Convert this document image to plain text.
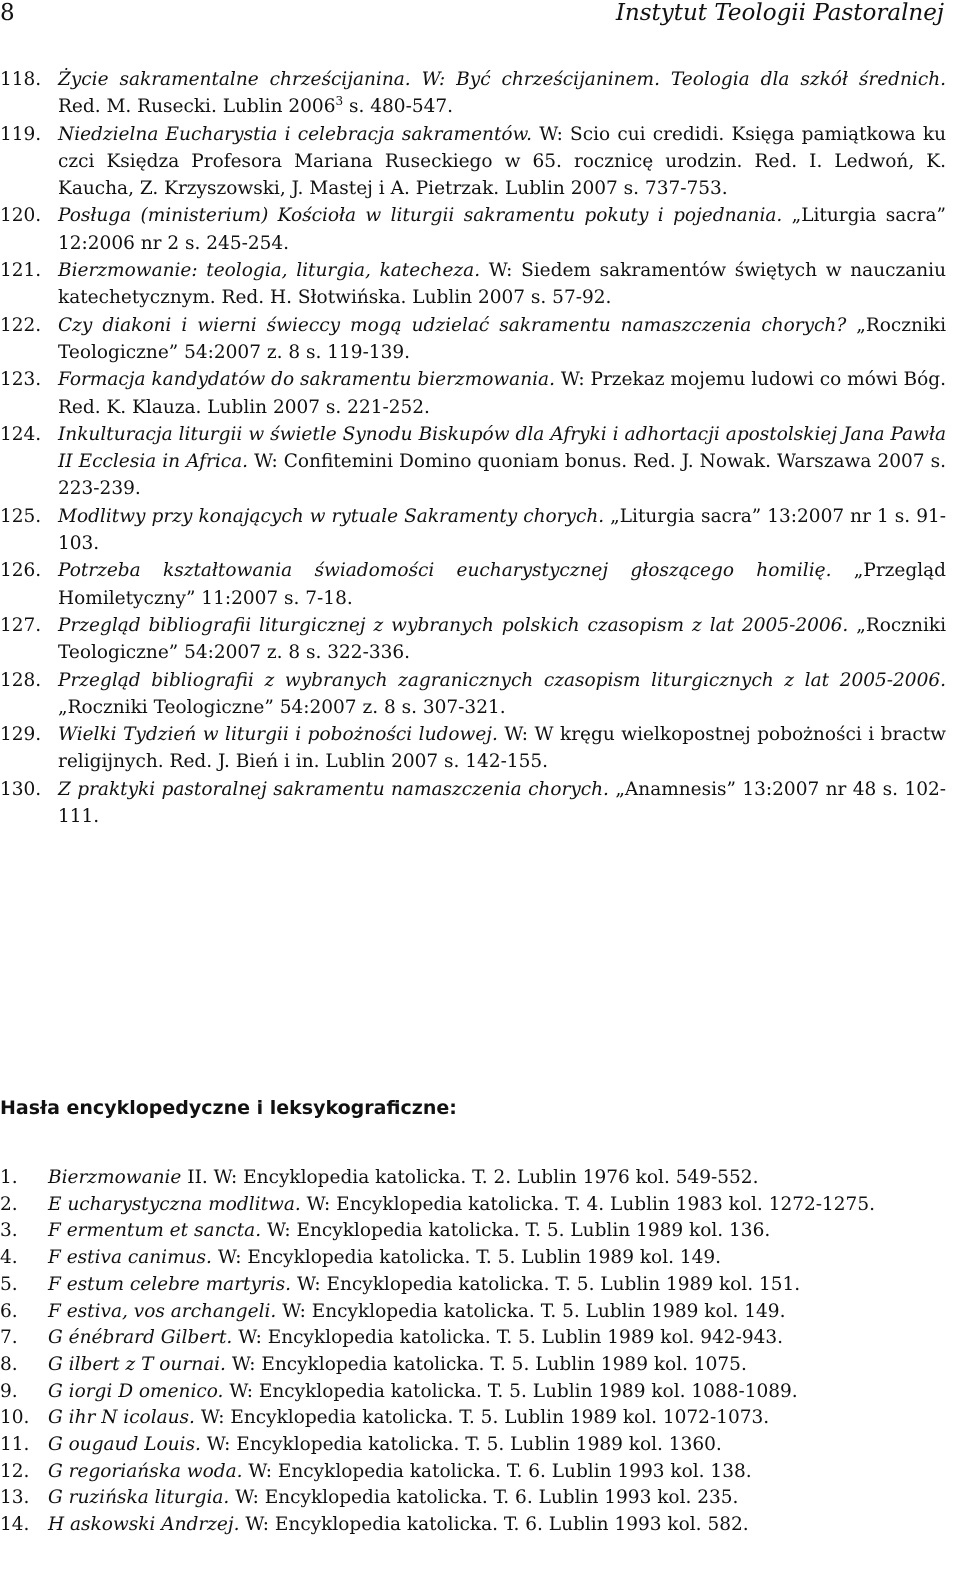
8	Instytut Teologii Pastoralnej
118. Życie sakramentalne chrześcijanina. W: Być chrześcijaninem. Teologia dla szkół średnich. Red. M. Rusecki. Lublin 2006$^3$ s. 480-547.
119. Niedzielna Eucharystia i celebracja sakramentów. W: Scio cui credidi. Księga pamiątkowa ku czci Księdza Profesora Mariana Ruseckiego w 65. rocznicę urodzin. Red. I. Ledwoń, K. Kaucha, Z. Krzyszowski, J. Mastej i A. Pietrzak. Lublin 2007 s. 737-753.
120. Posługa (ministerium) Kościoła w liturgii sakramentu pokuty i pojednania. „Liturgia sacra” 12:2006 nr 2 s. 245-254.
121. Bierzmowanie: teologia, liturgia, katecheza. W: Siedem sakramentów świętych w nauczaniu katechetycznym. Red. H. Słotwińska. Lublin 2007 s. 57-92.
122. Czy diakoni i wierni świeccy mogą udzielać sakramentu namaszczenia chorych? „Roczniki Teologiczne” 54:2007 z. 8 s. 119-139.
123. Formacja kandydatów do sakramentu bierzmowania. W: Przekaz mojemu ludowi co mówi Bóg. Red. K. Klauza. Lublin 2007 s. 221-252.
124. Inkulturacja liturgii w świetle Synodu Biskupów dla Afryki i adhortacji apostolskiej Jana Pawła II Ecclesia in Africa. W: Confitemini Domino quoniam bonus. Red. J. Nowak. Warszawa 2007 s. 223-239.
125. Modlitwy przy konających w rytuale Sakramenty chorych. „Liturgia sacra” 13:2007 nr 1 s. 91-103.
126. Potrzeba kształtowania świadomości eucharystycznej głoszącego homilię. „Przegląd Homiletyczny” 11:2007 s. 7-18.
127. Przegląd bibliografii liturgicznej z wybranych polskich czasopism z lat 2005-2006. „Roczniki Teologiczne” 54:2007 z. 8 s. 322-336.
128. Przegląd bibliografii z wybranych zagranicznych czasopism liturgicznych z lat 2005-2006. „Roczniki Teologiczne” 54:2007 z. 8 s. 307-321.
129. Wielki Tydzień w liturgii i pobożności ludowej. W: W kręgu wielkopostnej pobożności i bractw religijnych. Red. J. Bień i in. Lublin 2007 s. 142-155.
130. Z praktyki pastoralnej sakramentu namaszczenia chorych. „Anamnesis” 13:2007 nr 48 s. 102-111.
Hasła encyklopedyczne i leksykograficzne:
1.	Bierzmowanie II. W: Encyklopedia katolicka. T. 2. Lublin 1976 kol. 549-552.
2.	E ucharystyczna modlitwa. W: Encyklopedia katolicka. T. 4. Lublin 1983 kol. 1272-1275.
3.	F ermentum et sancta. W: Encyklopedia katolicka. T. 5. Lublin 1989 kol. 136.
4.	F estiva canimus. W: Encyklopedia katolicka. T. 5. Lublin 1989 kol. 149.
5.	F estum celebre martyris. W: Encyklopedia katolicka. T. 5. Lublin 1989 kol. 151.
6.	F estiva, vos archangeli. W: Encyklopedia katolicka. T. 5. Lublin 1989 kol. 149.
7.	G énébrard Gilbert. W: Encyklopedia katolicka. T. 5. Lublin 1989 kol. 942-943.
8.	G ilbert z T ournai. W: Encyklopedia katolicka. T. 5. Lublin 1989 kol. 1075.
9.	G iorgi D omenico. W: Encyklopedia katolicka. T. 5. Lublin 1989 kol. 1088-1089.
10.	G ihr N icolaus. W: Encyklopedia katolicka. T. 5. Lublin 1989 kol. 1072-1073.
11.	G ougaud Louis. W: Encyklopedia katolicka. T. 5. Lublin 1989 kol. 1360.
12.	G regoriańska woda. W: Encyklopedia katolicka. T. 6. Lublin 1993 kol. 138.
13.	G ruzińska liturgia. W: Encyklopedia katolicka. T. 6. Lublin 1993 kol. 235.
14.	H askowski Andrzej. W: Encyklopedia katolicka. T. 6. Lublin 1993 kol. 582.
